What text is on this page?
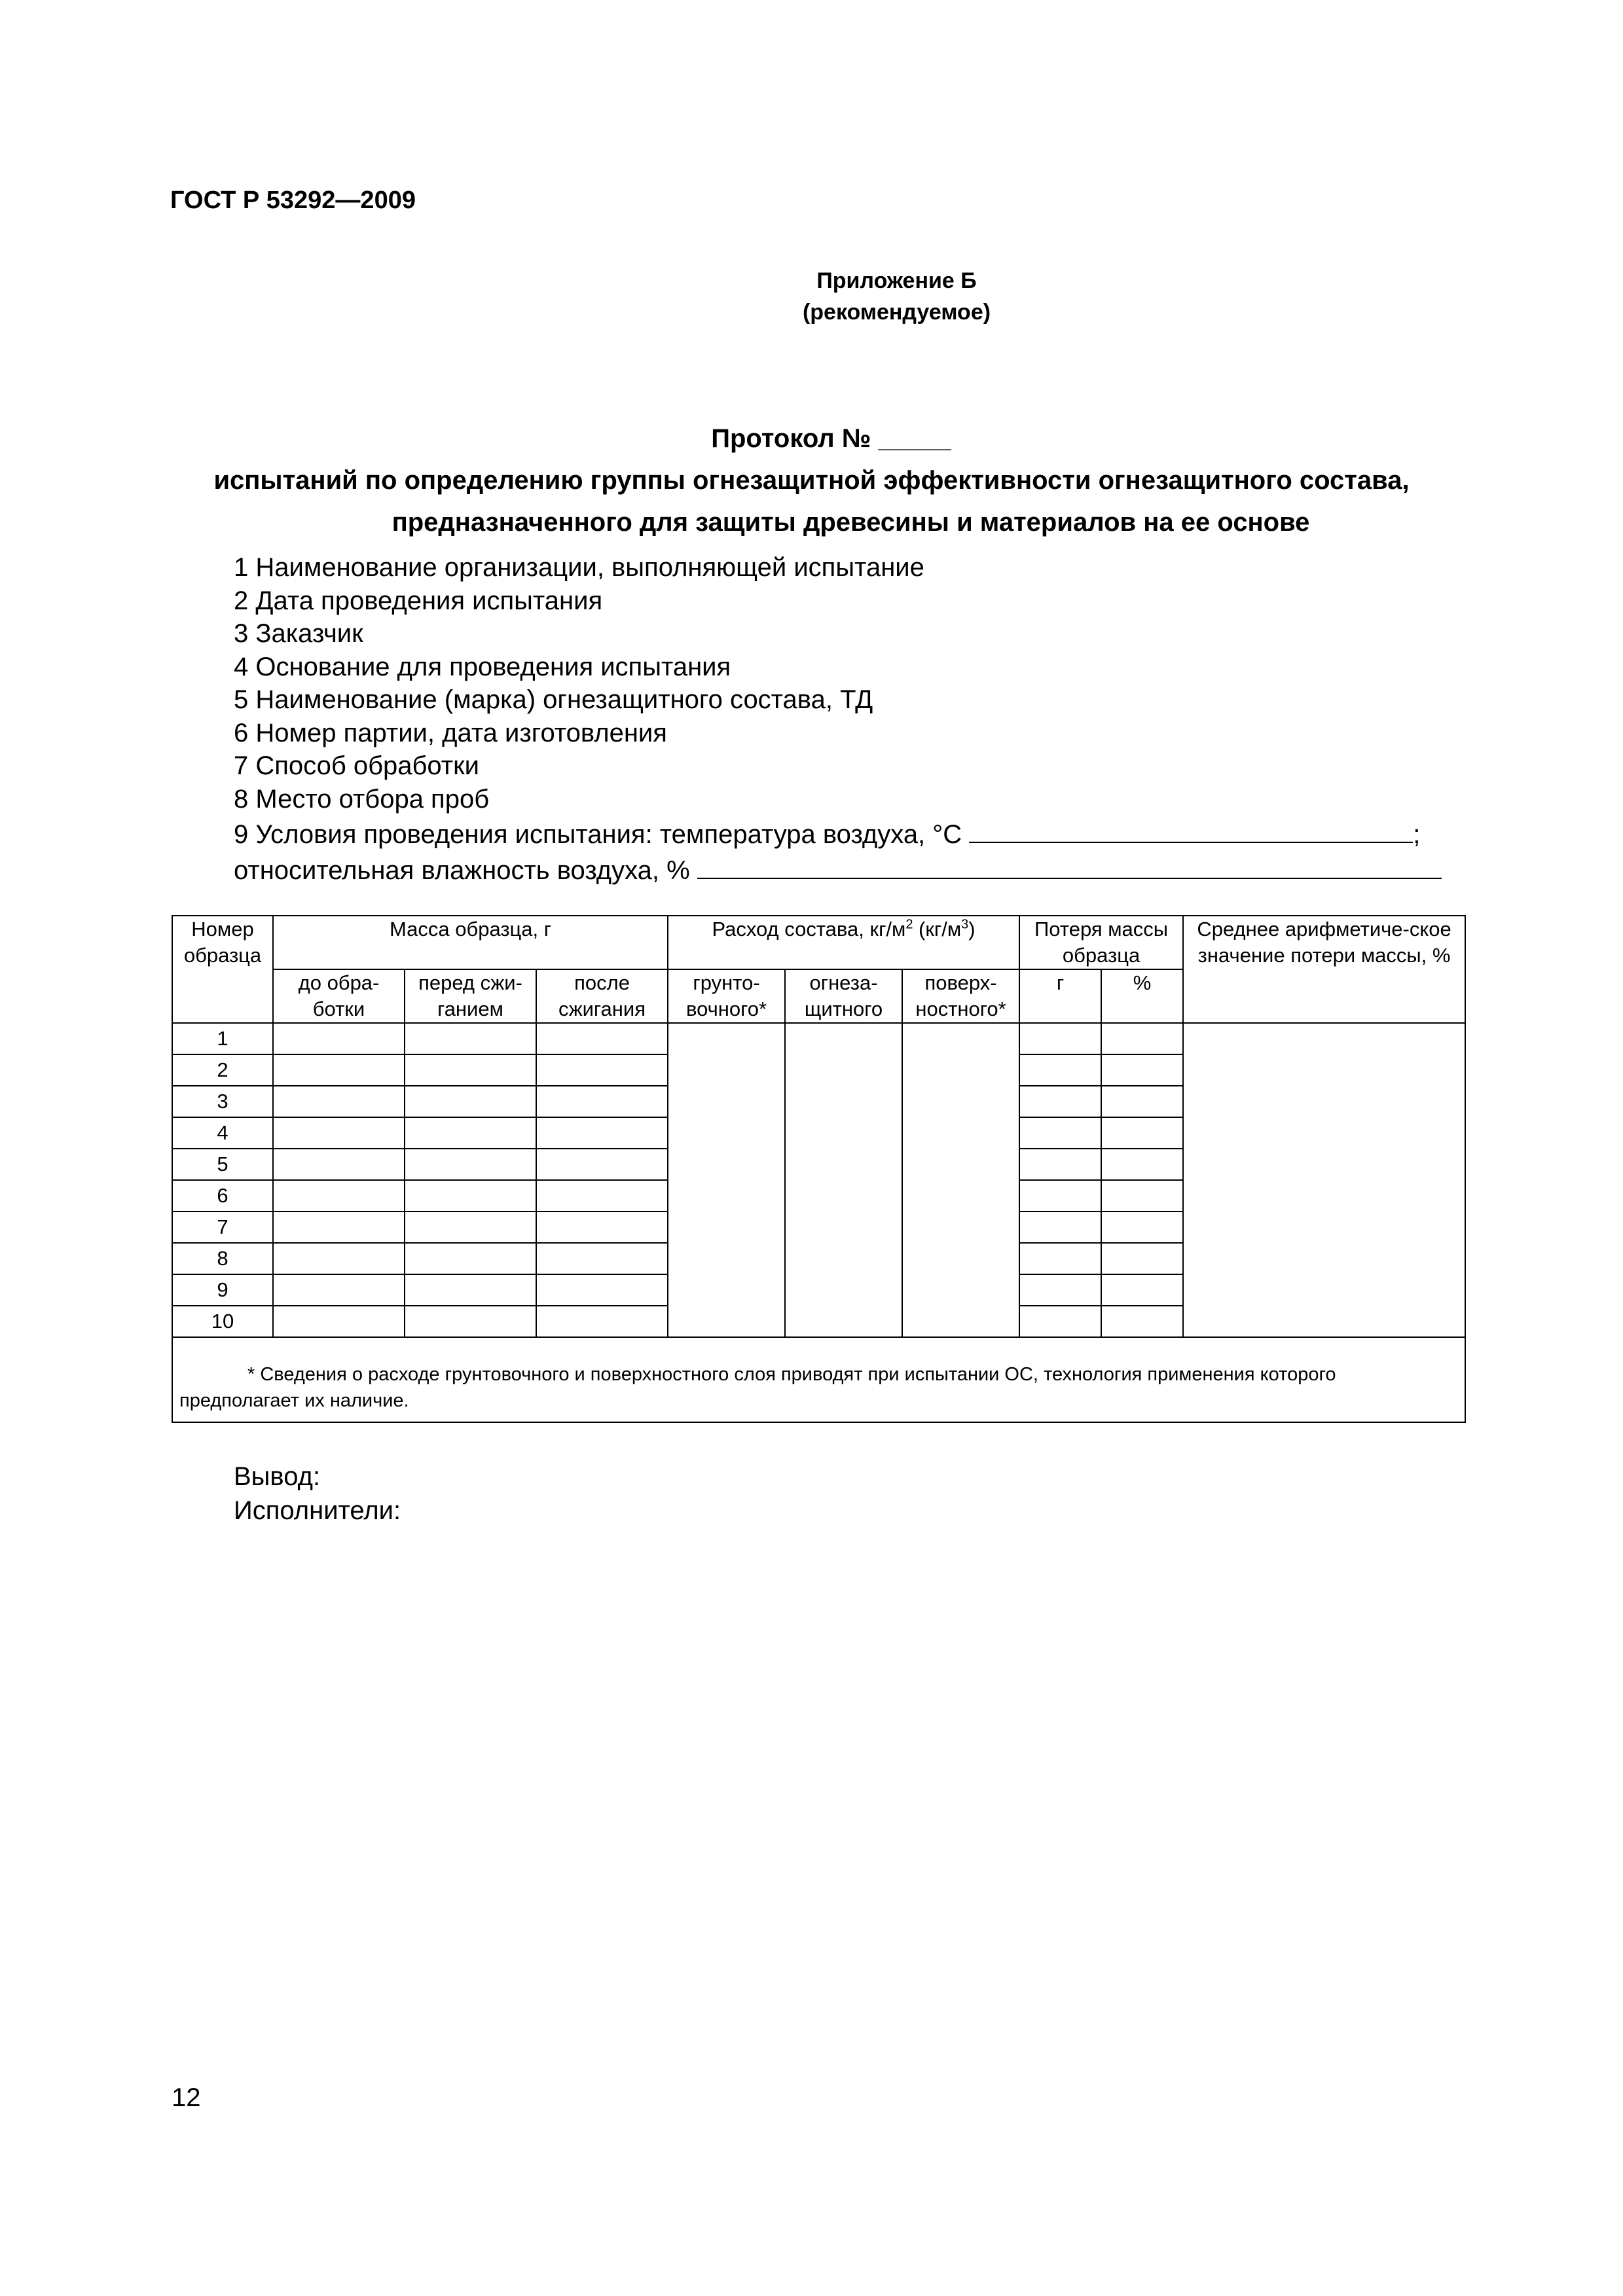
ГОСТ Р 53292—2009
Приложение Б
(рекомендуемое)
Протокол № _____
испытаний по определению группы огнезащитной эффективности огнезащитного состава,
предназначенного для защиты древесины и материалов на ее основе
1 Наименование организации, выполняющей испытание
2 Дата проведения испытания
3 Заказчик
4 Основание для проведения испытания
5 Наименование (марка) огнезащитного состава, ТД
6 Номер партии, дата изготовления
7 Способ обработки
8 Место отбора проб
9 Условия проведения испытания: температура воздуха, °С	;
относительная влажность воздуха, %
Номер образца	Масса образца, г			Расход состава, $кг/м^2$ $(кг/м^3)$			Потеря массы образца		Среднее арифметиче-ское значение потери массы, %
	до обра-ботки	перед сжи-ганием	после сжигания	грунто-вочного*	огнеза-щитного	поверх-ностного*	г	%	
1									
2									
3									
4									
5									
6									
7									
8									
9									
10									
* Сведения о расходе грунтовочного и поверхностного слоя приводят при испытании ОС, технология применения которого предполагает их наличие.									
Вывод:
Исполнители:
12
